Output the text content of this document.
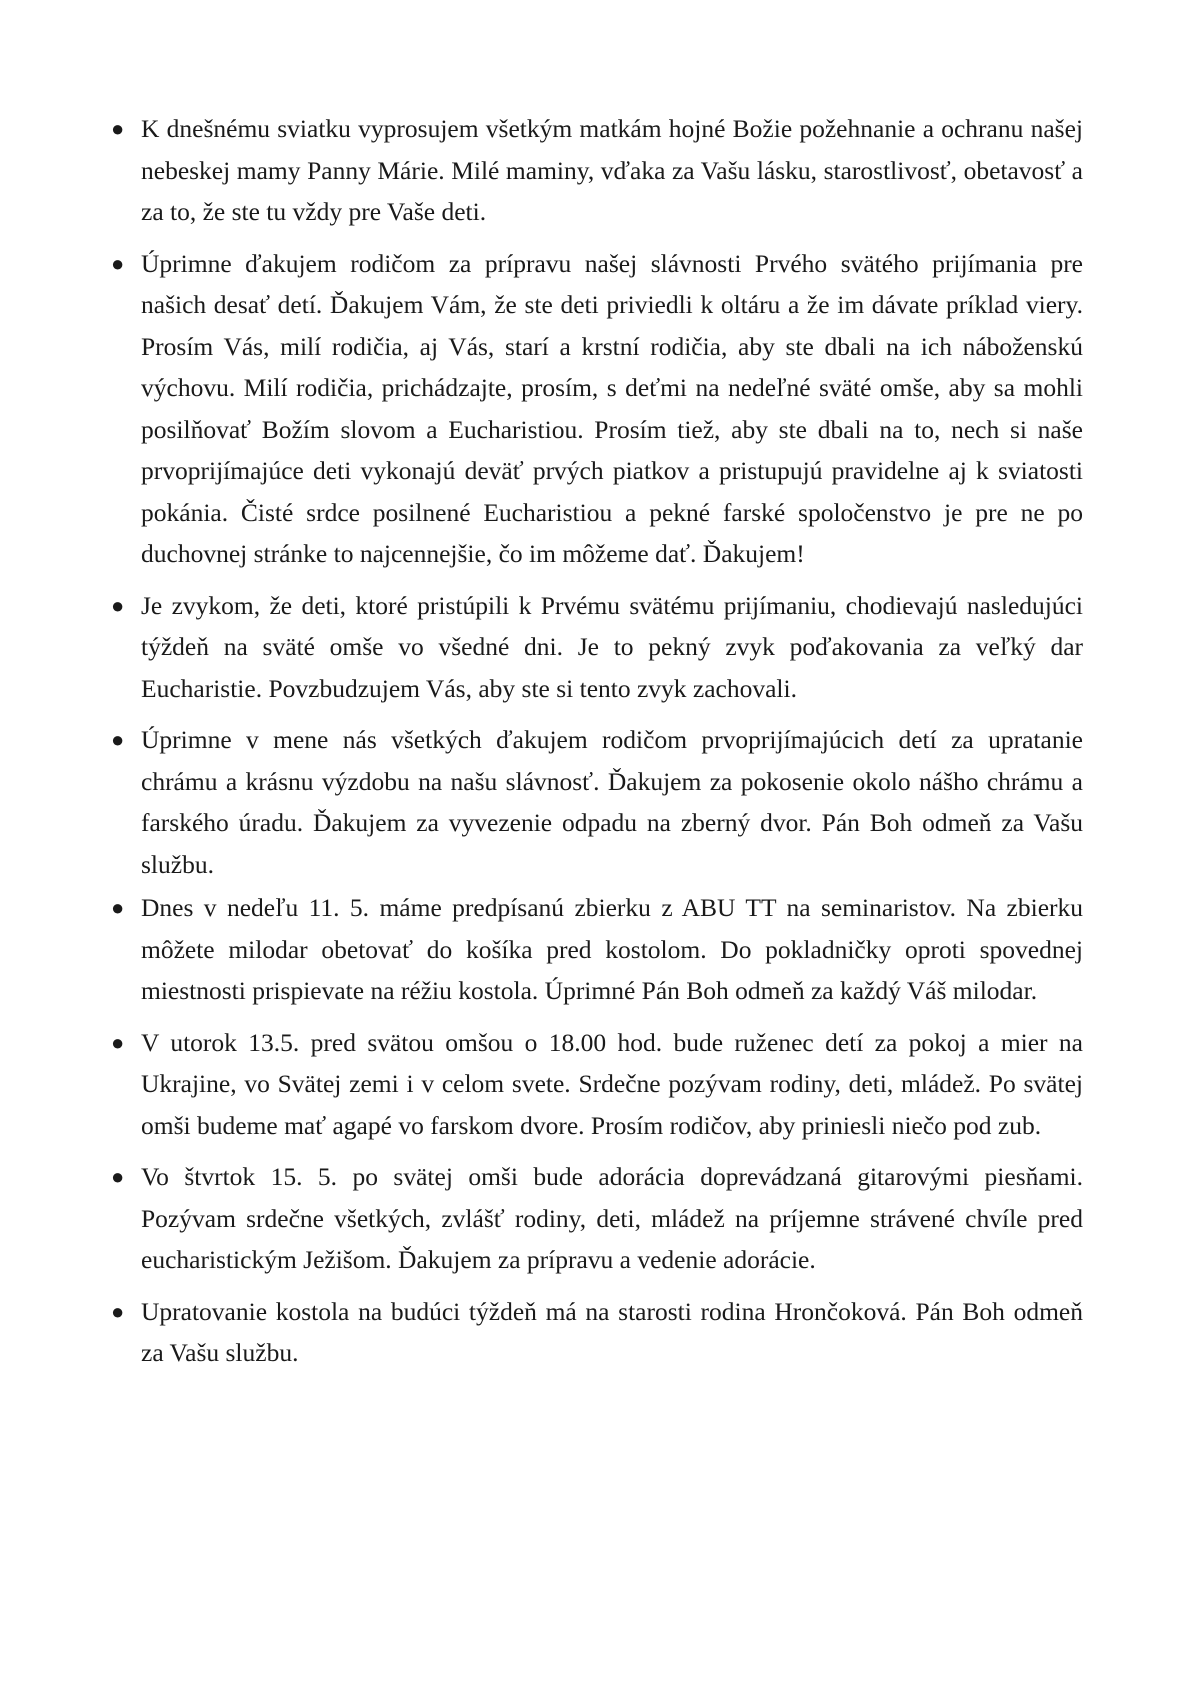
● K dnešnému sviatku vyprosujem všetkým matkám hojné Božie požehnanie a ochranu našej nebeskej mamy Panny Márie. Milé maminy, vďaka za Vašu lásku, starostlivosť, obetavosť a za to, že ste tu vždy pre Vaše deti.
● Úprimne ďakujem rodičom za prípravu našej slávnosti Prvého svätého prijímania pre našich desať detí. Ďakujem Vám, že ste deti priviedli k oltáru a že im dávate príklad viery. Prosím Vás, milí rodičia, aj Vás, starí a krstní rodičia, aby ste dbali na ich náboženskú výchovu. Milí rodičia, prichádzajte, prosím, s deťmi na nedeľné sväté omše, aby sa mohli posilňovať Božím slovom a Eucharistiou. Prosím tiež, aby ste dbali na to, nech si naše prvoprijímajúce deti vykonajú deväť prvých piatkov a pristupujú pravidelne aj k sviatosti pokánia. Čisté srdce posilnené Eucharistiou a pekné farské spoločenstvo je pre ne po duchovnej stránke to najcennejšie, čo im môžeme dať. Ďakujem!
● Je zvykom, že deti, ktoré pristúpili k Prvému svätému prijímaniu, chodievajú nasledujúci týždeň na sväté omše vo všedné dni. Je to pekný zvyk poďakovania za veľký dar Eucharistie. Povzbudzujem Vás, aby ste si tento zvyk zachovali.
● Úprimne v mene nás všetkých ďakujem rodičom prvoprijímajúcich detí za upratanie chrámu a krásnu výzdobu na našu slávnosť. Ďakujem za pokosenie okolo nášho chrámu a farského úradu. Ďakujem za vyvezenie odpadu na zberný dvor. Pán Boh odmeň za Vašu službu.
● Dnes v nedeľu 11. 5. máme predpísanú zbierku z ABU TT na seminaristov. Na zbierku môžete milodar obetovať do košíka pred kostolom. Do pokladničky oproti spovednej miestnosti prispievate na réžiu kostola. Úprimné Pán Boh odmeň za každý Váš milodar.
● V utorok 13.5. pred svätou omšou o 18.00 hod. bude ruženec detí za pokoj a mier na Ukrajine, vo Svätej zemi i v celom svete. Srdečne pozývam rodiny, deti, mládež. Po svätej omši budeme mať agapé vo farskom dvore. Prosím rodičov, aby priniesli niečo pod zub.
● Vo štvrtok 15. 5. po svätej omši bude adorácia doprevádzaná gitarovými piesňami. Pozývam srdečne všetkých, zvlášť rodiny, deti, mládež na príjemne strávené chvíle pred eucharistickým Ježišom. Ďakujem za prípravu a vedenie adorácie.
● Upratovanie kostola na budúci týždeň má na starosti rodina Hrončoková. Pán Boh odmeň za Vašu službu.
